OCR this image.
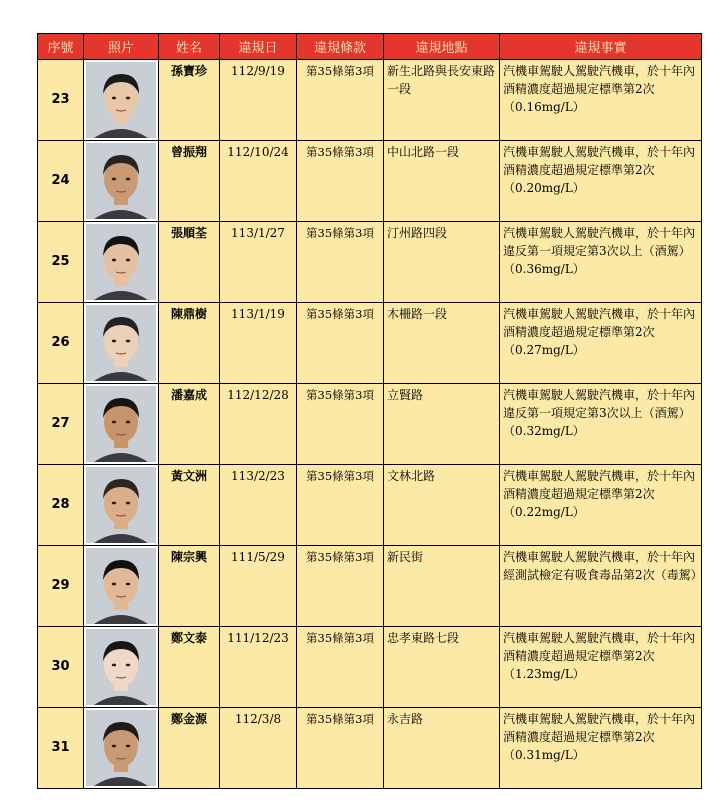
序號	照片	姓名	違規日	違規條款	違規地點	違規事實
23		孫寶珍	112/9/19	第35條第3項	新生北路與長安東路一段	汽機車駕駛人駕駛汽機車，於十年內酒精濃度超過規定標準第2次（0.16mg/L）
24		曾振翔	112/10/24	第35條第3項	中山北路一段	汽機車駕駛人駕駛汽機車，於十年內酒精濃度超過規定標準第2次（0.20mg/L）
25		張順荃	113/1/27	第35條第3項	汀州路四段	汽機車駕駛人駕駛汽機車，於十年內違反第一項規定第3次以上（酒駕）（0.36mg/L）
26		陳鼎樹	113/1/19	第35條第3項	木柵路一段	汽機車駕駛人駕駛汽機車，於十年內酒精濃度超過規定標準第2次（0.27mg/L）
27		潘嘉成	112/12/28	第35條第3項	立賢路	汽機車駕駛人駕駛汽機車，於十年內違反第一項規定第3次以上（酒駕）（0.32mg/L）
28		黃文洲	113/2/23	第35條第3項	文林北路	汽機車駕駛人駕駛汽機車，於十年內酒精濃度超過規定標準第2次（0.22mg/L）
29		陳宗興	111/5/29	第35條第3項	新民街	汽機車駕駛人駕駛汽機車，於十年內經測試檢定有吸食毒品第2次（毒駕）
30		鄭文泰	111/12/23	第35條第3項	忠孝東路七段	汽機車駕駛人駕駛汽機車，於十年內酒精濃度超過規定標準第2次（1.23mg/L）
31		鄭金源	112/3/8	第35條第3項	永吉路	汽機車駕駛人駕駛汽機車，於十年內酒精濃度超過規定標準第2次（0.31mg/L）
